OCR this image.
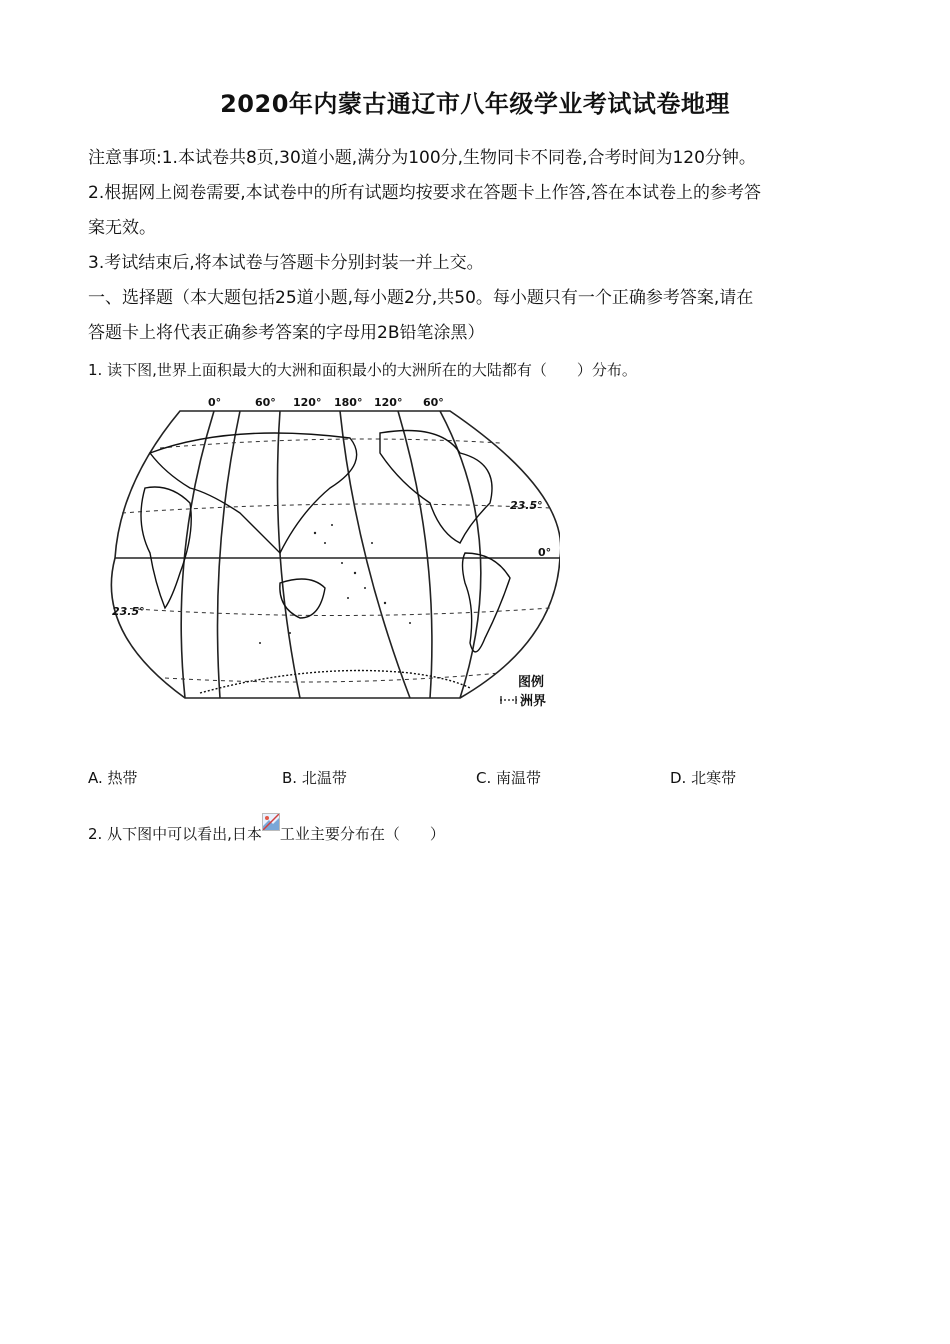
2020年内蒙古通辽市八年级学业考试试卷地理
注意事项:1.本试卷共8页,30道小题,满分为100分,生物同卡不同卷,合考时间为120分钟。
2.根据网上阅卷需要,本试卷中的所有试题均按要求在答题卡上作答,答在本试卷上的参考答
案无效。
3.考试结束后,将本试卷与答题卡分别封装一并上交。
一、选择题（本大题包括25道小题,每小题2分,共50。每小题只有一个正确参考答案,请在
答题卡上将代表正确参考答案的字母用2B铅笔涂黑）
1. 读下图,世界上面积最大的大洲和面积最小的大洲所在的大陆都有（　　）分布。
0°	60° 120° 180° 120° 60°
23.5°
0°
23.5°
图例
洲界
A. 热带	B. 北温带	C. 南温带	D. 北寒带
2. 从下图中可以看出,日本 工业主要分布在（　　）
